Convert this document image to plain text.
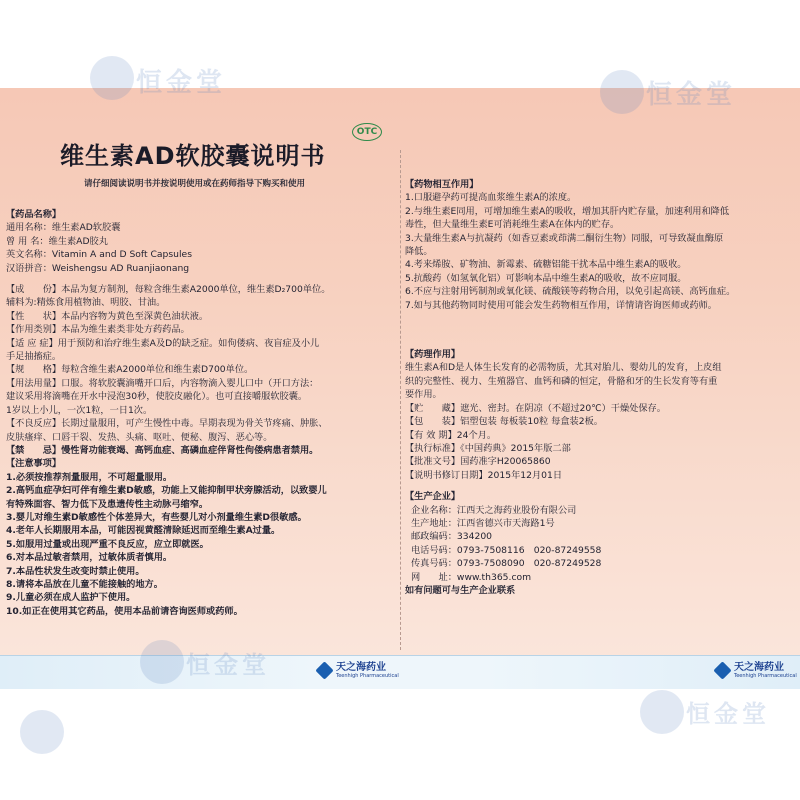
恒金堂	恒金堂
恒金堂
恒金堂
OTC
维生素AD软胶囊说明书
请仔细阅读说明书并按说明使用或在药师指导下购买和使用
【药品名称】
通用名称：维生素AD软胶囊
曾 用 名：维生素AD胶丸
英文名称：Vitamin A and D Soft Capsules
汉语拼音：Weishengsu AD Ruanjiaonang
【成　　份】本品为复方制剂，每粒含维生素A2000单位，维生素D₂700单位。
辅料为:精炼食用植物油、明胶、甘油。
【性　　状】本品内容物为黄色至深黄色油状液。
【作用类别】本品为维生素类非处方药药品。
【适 应 症】用于预防和治疗维生素A及D的缺乏症。如佝偻病、夜盲症及小儿
手足抽搐症。
【规　　格】每粒含维生素A2000单位和维生素D700单位。
【用法用量】口服。将软胶囊滴嘴开口后，内容物滴入婴儿口中（开口方法：
建议采用将滴嘴在开水中浸泡30秒，使胶皮融化）。也可直接嚼服软胶囊。
1岁以上小儿，一次1粒，一日1次。
【不良反应】长期过量服用，可产生慢性中毒。早期表现为骨关节疼痛、肿胀、
皮肤瘙痒、口唇干裂、发热、头痛、呕吐、便秘、腹泻、恶心等。
【禁　　忌】慢性肾功能衰竭、高钙血症、高磷血症伴肾性佝偻病患者禁用。
【注意事项】
1.必须按推荐剂量服用，不可超量服用。
2.高钙血症孕妇可伴有维生素D敏感，功能上又能抑制甲状旁腺活动，以致婴儿
有特殊面容、智力低下及患遗传性主动脉弓缩窄。
3.婴儿对维生素D敏感性个体差异大，有些婴儿对小剂量维生素D很敏感。
4.老年人长期服用本品，可能因视黄醛清除延迟而至维生素A过量。
5.如服用过量或出现严重不良反应，应立即就医。
6.对本品过敏者禁用，过敏体质者慎用。
7.本品性状发生改变时禁止使用。
8.请将本品放在儿童不能接触的地方。
9.儿童必须在成人监护下使用。
10.如正在使用其它药品，使用本品前请咨询医师或药师。
【药物相互作用】
1.口服避孕药可提高血浆维生素A的浓度。
2.与维生素E同用，可增加维生素A的吸收，增加其肝内贮存量，加速利用和降低
毒性，但大量维生素E可消耗维生素A在体内的贮存。
3.大量维生素A与抗凝药（如香豆素或茚满二酮衍生物）同服，可导致凝血酶原
降低。
4.考来烯胺、矿物油、新霉素、硫糖铝能干扰本品中维生素A的吸收。
5.抗酸药（如氢氧化铝）可影响本品中维生素A的吸收，故不应同服。
6.不应与注射用钙制剂或氧化镁、硫酸镁等药物合用，以免引起高镁、高钙血症。
7.如与其他药物同时使用可能会发生药物相互作用，详情请咨询医师或药师。
【药理作用】
维生素A和D是人体生长发育的必需物质，尤其对胎儿、婴幼儿的发育，上皮组
织的完整性、视力、生殖器官、血钙和磷的恒定，骨骼和牙的生长发育等有重
要作用。
【贮　　藏】遮光、密封。在阴凉（不超过20℃）干燥处保存。
【包　　装】铝塑包装 每板装10粒 每盒装2板。
【有 效 期】24个月。
【执行标准】《中国药典》2015年版二部
【批准文号】国药准字H20065860
【说明书修订日期】2015年12月01日
【生产企业】
企业名称：江西天之海药业股份有限公司
生产地址：江西省德兴市天海路1号
邮政编码：334200
电话号码：0793-7508116　020-87249558
传真号码：0793-7508090　020-87249528
网　　址：www.th365.com
如有问题可与生产企业联系
天之海药业
Teenhigh Pharmaceutical
天之海药业
Teenhigh Pharmaceutical
